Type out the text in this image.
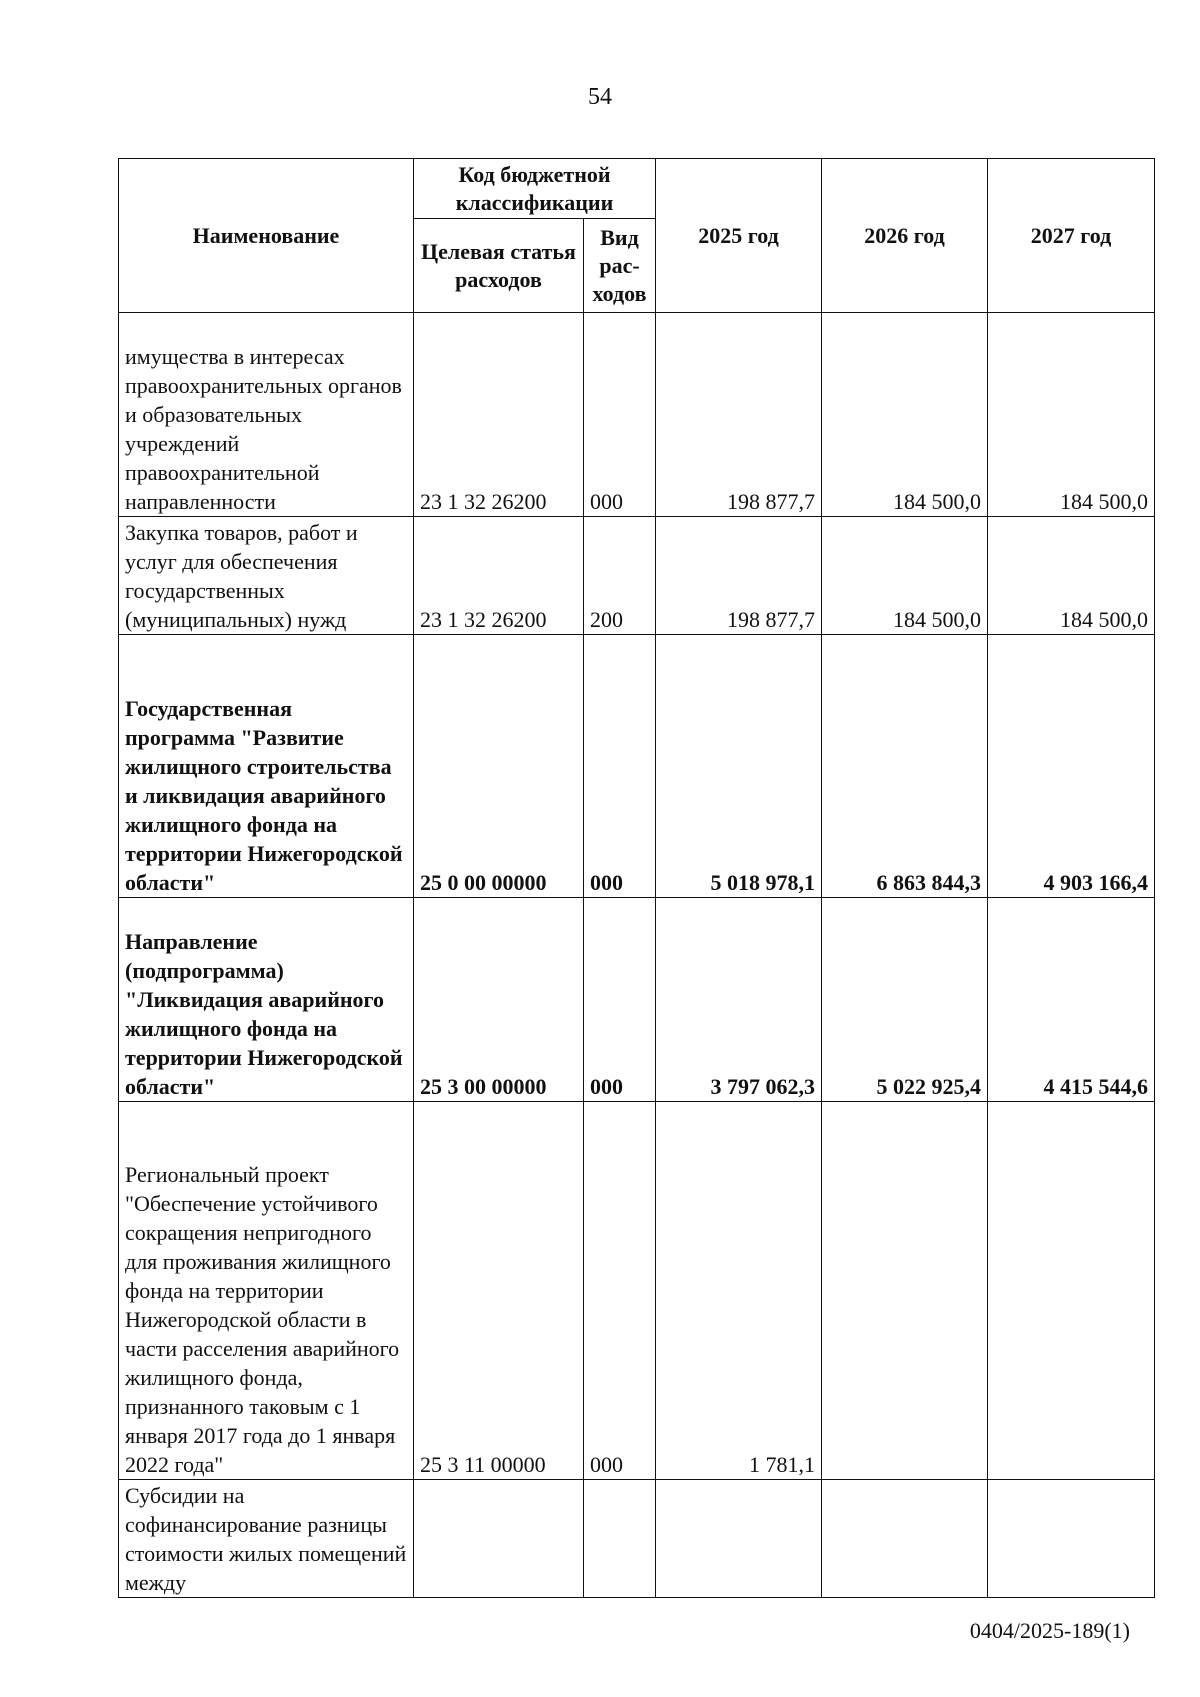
54
Наименование	Код бюджетной классификации		2025 год	2026 год	2027 год
	Целевая статья расходов	Вид рас-ходов			
имущества в интересах правоохранительных органов и образовательных учреждений правоохранительной направленности	23 1 32 26200	000	198 877,7	184 500,0	184 500,0
Закупка товаров, работ и услуг для обеспечения государственных (муниципальных) нужд	23 1 32 26200	200	198 877,7	184 500,0	184 500,0
Государственная программа "Развитие жилищного строительства и ликвидация аварийного жилищного фонда на территории Нижегородской области"	25 0 00 00000	000	5 018 978,1	6 863 844,3	4 903 166,4
Направление (подпрограмма) "Ликвидация аварийного жилищного фонда на территории Нижегородской области"	25 3 00 00000	000	3 797 062,3	5 022 925,4	4 415 544,6
Региональный проект "Обеспечение устойчивого сокращения непригодного для проживания жилищного фонда на территории Нижегородской области в части расселения аварийного жилищного фонда, признанного таковым с 1 января 2017 года до 1 января 2022 года"	25 3 11 00000	000	1 781,1		
Субсидии на софинансирование разницы стоимости жилых помещений между					
0404/2025-189(1)
